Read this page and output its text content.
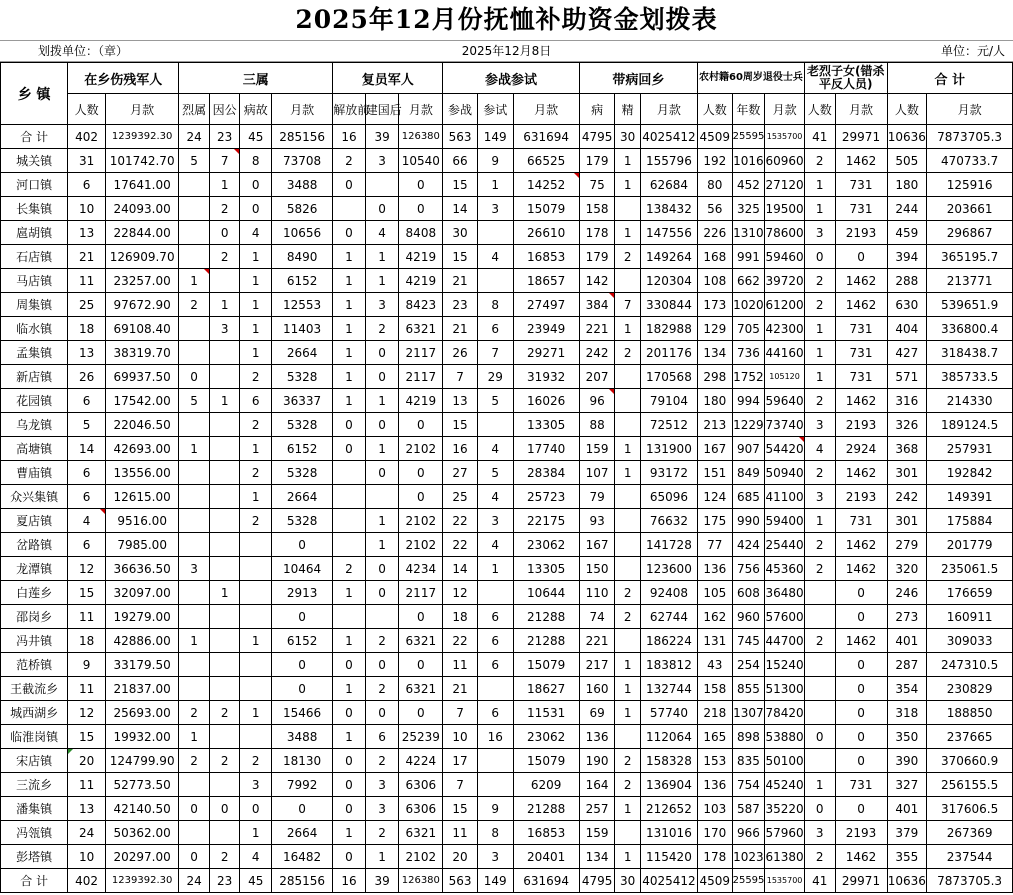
2025年12月份抚恤补助资金划拨表
划拨单位：（章）	2025年12月8日	单位：元/人
乡 镇	在乡伤残军人		三属				复员军人			参战参试			带病回乡			农村籍60周岁退役士兵			老烈子女(错杀平反人员)		合 计	
	人数	月款	烈属	因公	病故	月款	解放前	建国后	月款	参战	参试	月款	病	精	月款	人数	年数	月款	人数	月款	人数	月款
合 计	402	1239392.30	24	23	45	285156	16	39	126380	563	149	631694	4795	30	4025412	4509	25595	1535700	41	29971	10636	7873705.3
城关镇	31	101742.70	5	7	8	73708	2	3	10540	66	9	66525	179	1	155796	192	1016	60960	2	1462	505	470733.7
河口镇	6	17641.00		1	0	3488	0		0	15	1	14252	75	1	62684	80	452	27120	1	731	180	125916
长集镇	10	24093.00		2	0	5826		0	0	14	3	15079	158		138432	56	325	19500	1	731	244	203661
扈胡镇	13	22844.00		0	4	10656	0	4	8408	30		26610	178	1	147556	226	1310	78600	3	2193	459	296867
石店镇	21	126909.70		2	1	8490	1	1	4219	15	4	16853	179	2	149264	168	991	59460	0	0	394	365195.7
马店镇	11	23257.00	1		1	6152	1	1	4219	21		18657	142		120304	108	662	39720	2	1462	288	213771
周集镇	25	97672.90	2	1	1	12553	1	3	8423	23	8	27497	384	7	330844	173	1020	61200	2	1462	630	539651.9
临水镇	18	69108.40		3	1	11403	1	2	6321	21	6	23949	221	1	182988	129	705	42300	1	731	404	336800.4
孟集镇	13	38319.70			1	2664	1	0	2117	26	7	29271	242	2	201176	134	736	44160	1	731	427	318438.7
新店镇	26	69937.50	0		2	5328	1	0	2117	7	29	31932	207		170568	298	1752	105120	1	731	571	385733.5
花园镇	6	17542.00	5	1	6	36337	1	1	4219	13	5	16026	96		79104	180	994	59640	2	1462	316	214330
乌龙镇	5	22046.50			2	5328	0	0	0	15		13305	88		72512	213	1229	73740	3	2193	326	189124.5
高塘镇	14	42693.00	1		1	6152	0	1	2102	16	4	17740	159	1	131900	167	907	54420	4	2924	368	257931
曹庙镇	6	13556.00			2	5328		0	0	27	5	28384	107	1	93172	151	849	50940	2	1462	301	192842
众兴集镇	6	12615.00			1	2664			0	25	4	25723	79		65096	124	685	41100	3	2193	242	149391
夏店镇	4	9516.00			2	5328		1	2102	22	3	22175	93		76632	175	990	59400	1	731	301	175884
岔路镇	6	7985.00				0		1	2102	22	4	23062	167		141728	77	424	25440	2	1462	279	201779
龙潭镇	12	36636.50	3			10464	2	0	4234	14	1	13305	150		123600	136	756	45360	2	1462	320	235061.5
白莲乡	15	32097.00		1		2913	1	0	2117	12		10644	110	2	92408	105	608	36480		0	246	176659
邵岗乡	11	19279.00				0			0	18	6	21288	74	2	62744	162	960	57600		0	273	160911
冯井镇	18	42886.00	1		1	6152	1	2	6321	22	6	21288	221		186224	131	745	44700	2	1462	401	309033
范桥镇	9	33179.50				0	0	0	0	11	6	15079	217	1	183812	43	254	15240		0	287	247310.5
王截流乡	11	21837.00				0	1	2	6321	21		18627	160	1	132744	158	855	51300		0	354	230829
城西湖乡	12	25693.00	2	2	1	15466	0	0	0	7	6	11531	69	1	57740	218	1307	78420		0	318	188850
临淮岗镇	15	19932.00	1			3488	1	6	25239	10	16	23062	136		112064	165	898	53880	0	0	350	237665
宋店镇	20	124799.90	2	2	2	18130	0	2	4224	17		15079	190	2	158328	153	835	50100		0	390	370660.9
三流乡	11	52773.50			3	7992	0	3	6306	7		6209	164	2	136904	136	754	45240	1	731	327	256155.5
潘集镇	13	42140.50	0	0	0	0	0	3	6306	15	9	21288	257	1	212652	103	587	35220	0	0	401	317606.5
冯瓴镇	24	50362.00			1	2664	1	2	6321	11	8	16853	159		131016	170	966	57960	3	2193	379	267369
彭塔镇	10	20297.00	0	2	4	16482	0	1	2102	20	3	20401	134	1	115420	178	1023	61380	2	1462	355	237544
合 计	402	1239392.30	24	23	45	285156	16	39	126380	563	149	631694	4795	30	4025412	4509	25595	1535700	41	29971	10636	7873705.3
